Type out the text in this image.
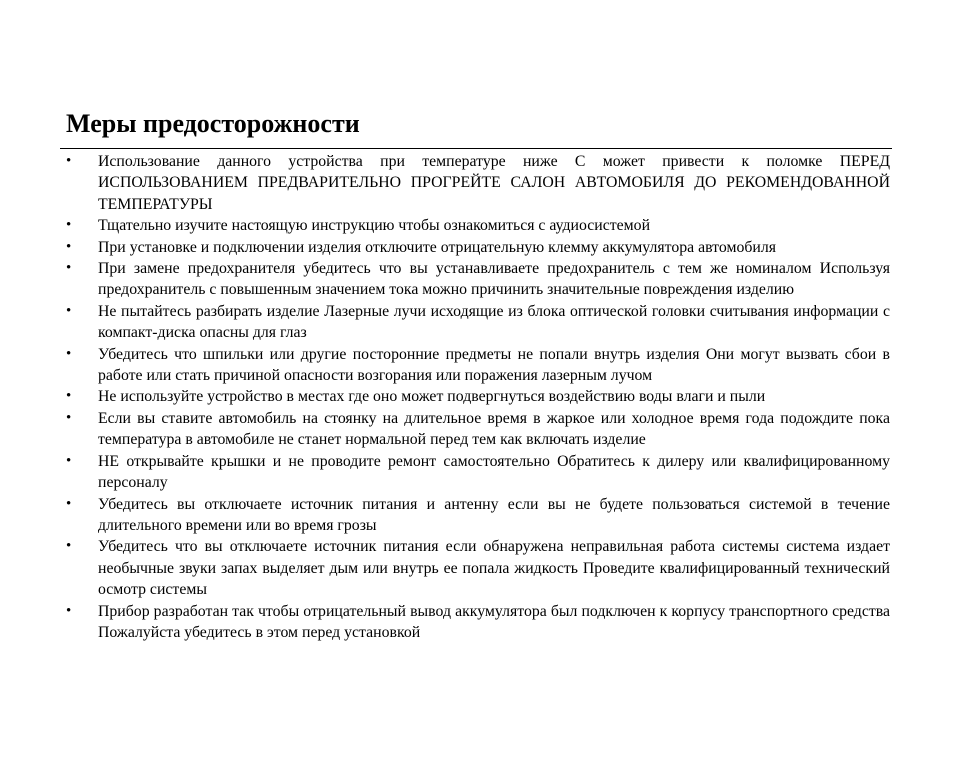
Меры предосторожности
• Использование данного устройства при температуре ниже С может привести к поломке ПЕРЕД ИСПОЛЬЗОВАНИЕМ ПРЕДВАРИТЕЛЬНО ПРОГРЕЙТЕ САЛОН АВТОМОБИЛЯ ДО РЕКОМЕНДОВАННОЙ ТЕМПЕРАТУРЫ
• Тщательно изучите настоящую инструкцию чтобы ознакомиться с аудиосистемой
• При установке и подключении изделия отключите отрицательную клемму аккумулятора автомобиля
• При замене предохранителя убедитесь что вы устанавливаете предохранитель с тем же номиналом Используя предохранитель с повышенным значением тока можно причинить значительные повреждения изделию
• Не пытайтесь разбирать изделие Лазерные лучи исходящие из блока оптической головки считывания информации с компакт-диска опасны для глаз
• Убедитесь что шпильки или другие посторонние предметы не попали внутрь изделия Они могут вызвать сбои в работе или стать причиной опасности возгорания или поражения лазерным лучом
• Не используйте устройство в местах где оно может подвергнуться воздействию воды влаги и пыли
• Если вы ставите автомобиль на стоянку на длительное время в жаркое или холодное время года подождите пока температура в автомобиле не станет нормальной перед тем как включать изделие
• НЕ открывайте крышки и не проводите ремонт самостоятельно Обратитесь к дилеру или квалифицированному персоналу
• Убедитесь вы отключаете источник питания и антенну если вы не будете пользоваться системой в течение длительного времени или во время грозы
• Убедитесь что вы отключаете источник питания если обнаружена неправильная работа системы система издает необычные звуки запах выделяет дым или внутрь ее попала жидкость Проведите квалифицированный технический осмотр системы
• Прибор разработан так чтобы отрицательный вывод аккумулятора был подключен к корпусу транспортного средства Пожалуйста убедитесь в этом перед установкой
